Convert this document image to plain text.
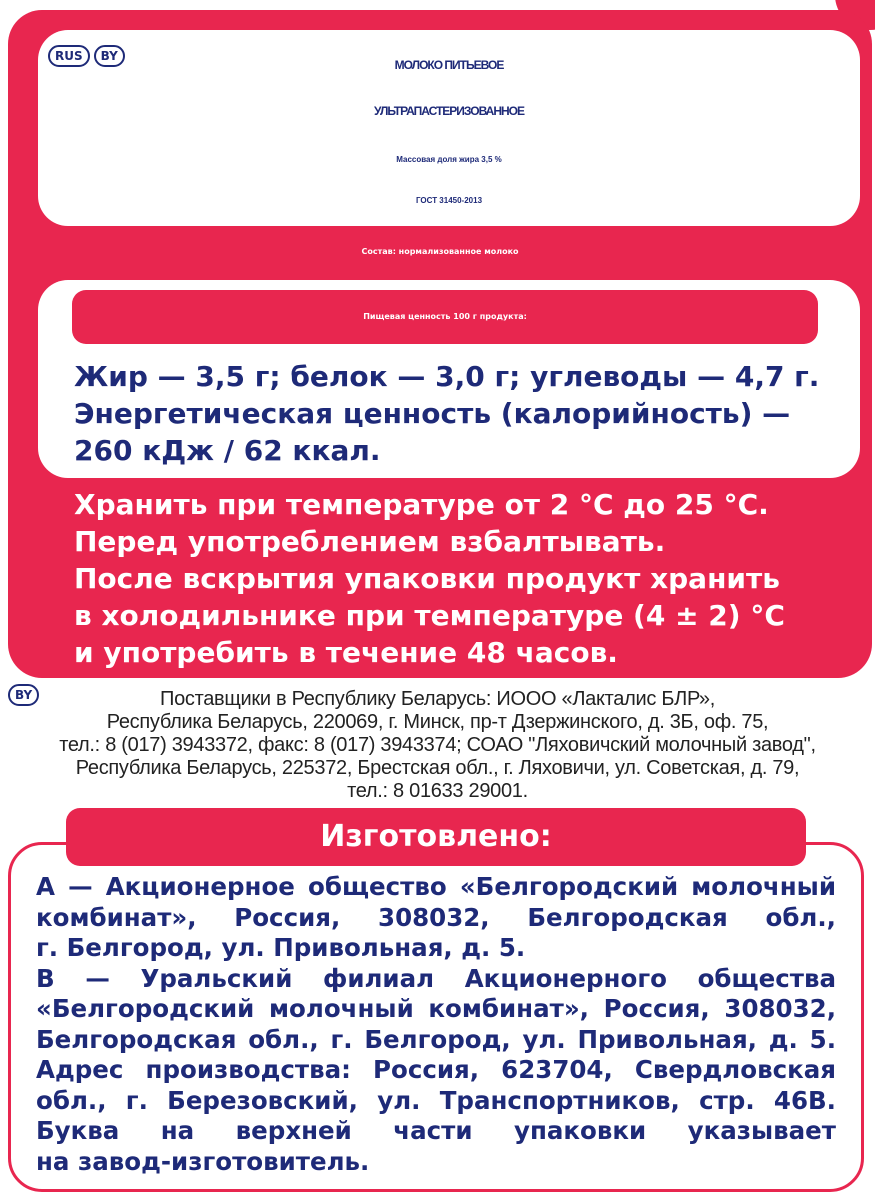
RUS	BY
МОЛОКО ПИТЬЕВОЕ
УЛЬТРАПАСТЕРИЗОВАННОЕ
Массовая доля жира 3,5 %
ГОСТ 31450-2013
Состав: нормализованное молоко
Пищевая ценность 100 г продукта:
Жир — 3,5 г; белок — 3,0 г; углеводы — 4,7 г.
Энергетическая ценность (калорийность) —
260 кДж / 62 ккал.
Хранить при температуре от 2 °С до 25 °С.
Перед употреблением взбалтывать.
После вскрытия упаковки продукт хранить
в холодильнике при температуре (4 ± 2) °С
и употребить в течение 48 часов.
BY	Поставщики в Республику Беларусь: ИООО «Лакталис БЛР»,
Республика Беларусь, 220069, г. Минск, пр-т Дзержинского, д. 3Б, оф. 75,
тел.: 8 (017) 3943372, факс: 8 (017) 3943374; СОАО "Ляховичский молочный завод",
Республика Беларусь, 225372, Брестская обл., г. Ляховичи, ул. Советская, д. 79,
тел.: 8 01633 29001.
Изготовлено:
А — Акционерное общество «Белгородский молочный
комбинат», Россия, 308032, Белгородская обл.,
г. Белгород, ул. Привольная, д. 5.
В — Уральский филиал Акционерного общества
«Белгородский молочный комбинат», Россия, 308032,
Белгородская обл., г. Белгород, ул. Привольная, д. 5.
Адрес производства: Россия, 623704, Свердловская
обл., г. Березовский, ул. Транспортников, стр. 46В.
Буква на верхней части упаковки указывает
на завод-изготовитель.
